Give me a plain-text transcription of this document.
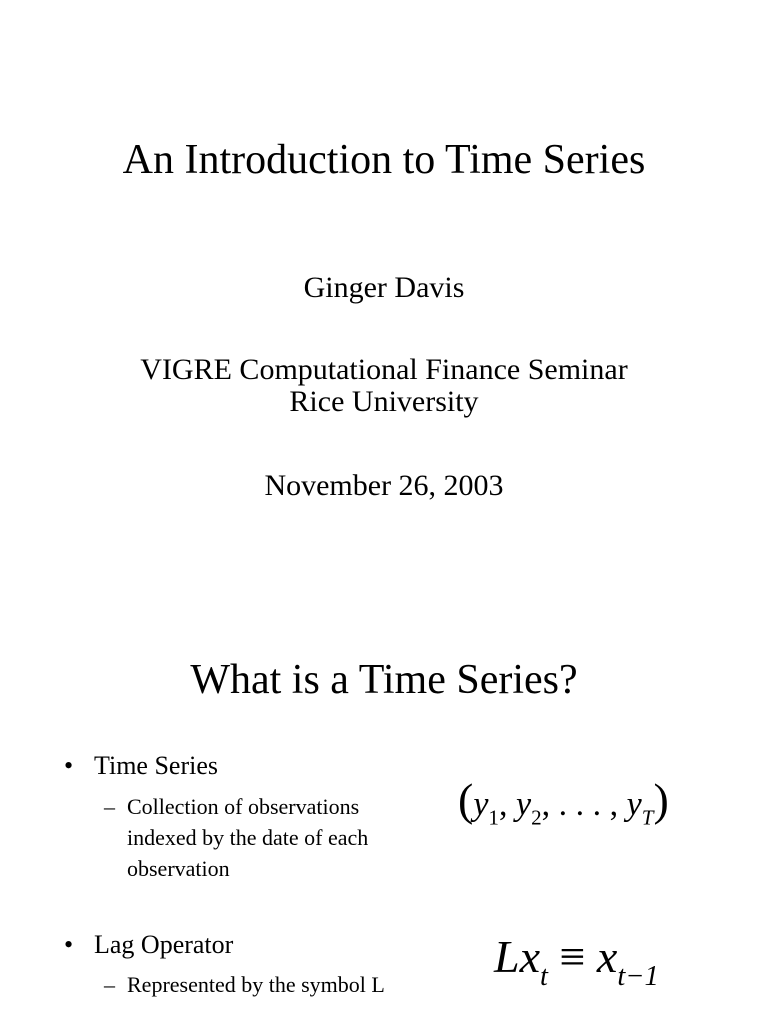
An Introduction to Time Series
Ginger Davis
VIGRE Computational Finance Seminar
Rice University
November 26, 2003
What is a Time Series?
• Time Series
– Collection of observations
indexed by the date of each
observation
($y_1$, $y_2$, . . . , $y_T$)
• Lag Operator
– Represented by the symbol L
$Lx_t \equiv x_{t-1}$
